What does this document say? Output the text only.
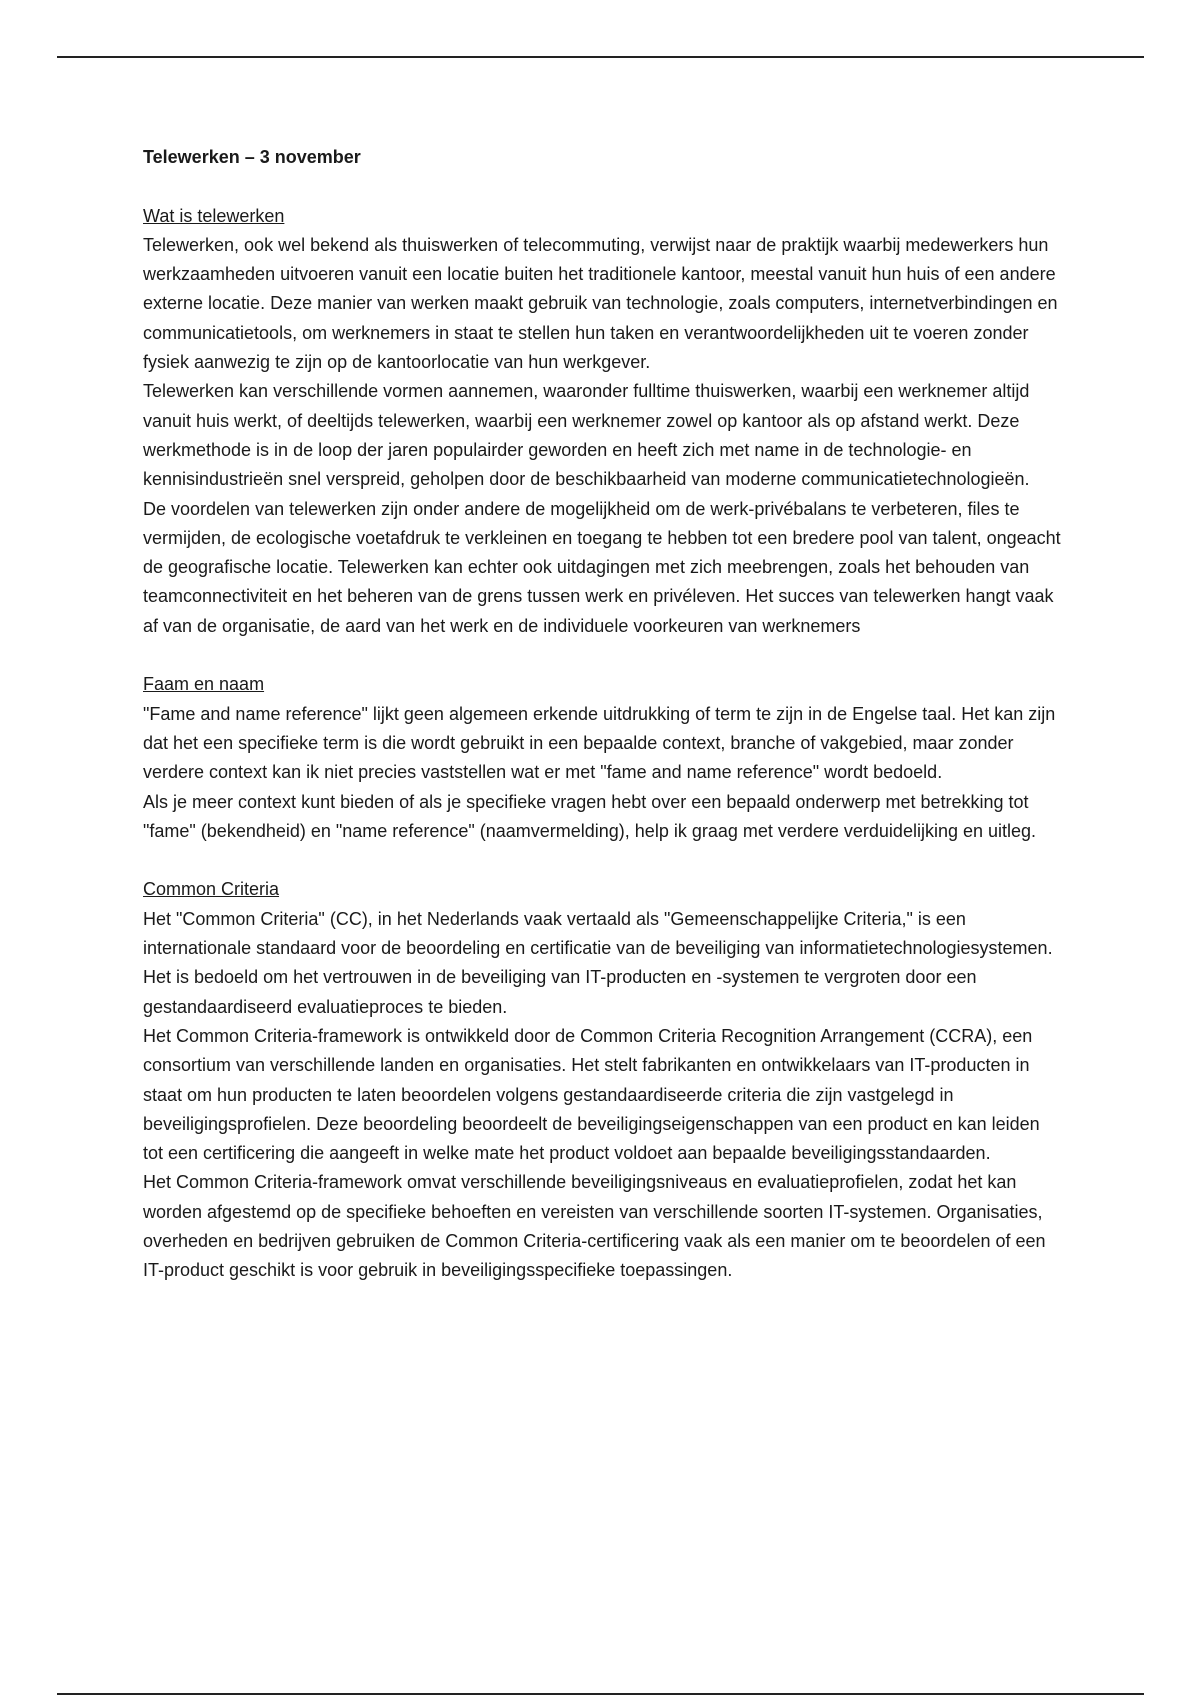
Telewerken – 3 november

Wat is telewerken

Telewerken, ook wel bekend als thuiswerken of telecommuting, verwijst naar de praktijk waarbij medewerkers hun werkzaamheden uitvoeren vanuit een locatie buiten het traditionele kantoor, meestal vanuit hun huis of een andere externe locatie. Deze manier van werken maakt gebruik van technologie, zoals computers, internetverbindingen en communicatietools, om werknemers in staat te stellen hun taken en verantwoordelijkheden uit te voeren zonder fysiek aanwezig te zijn op de kantoorlocatie van hun werkgever.

Telewerken kan verschillende vormen aannemen, waaronder fulltime thuiswerken, waarbij een werknemer altijd vanuit huis werkt, of deeltijds telewerken, waarbij een werknemer zowel op kantoor als op afstand werkt. Deze werkmethode is in de loop der jaren populairder geworden en heeft zich met name in de technologie- en kennisindustrieën snel verspreid, geholpen door de beschikbaarheid van moderne communicatietechnologieën.

De voordelen van telewerken zijn onder andere de mogelijkheid om de werk-privébalans te verbeteren, files te vermijden, de ecologische voetafdruk te verkleinen en toegang te hebben tot een bredere pool van talent, ongeacht de geografische locatie. Telewerken kan echter ook uitdagingen met zich meebrengen, zoals het behouden van teamconnectiviteit en het beheren van de grens tussen werk en privéleven. Het succes van telewerken hangt vaak af van de organisatie, de aard van het werk en de individuele voorkeuren van werknemers

Faam en naam

"Fame and name reference" lijkt geen algemeen erkende uitdrukking of term te zijn in de Engelse taal. Het kan zijn dat het een specifieke term is die wordt gebruikt in een bepaalde context, branche of vakgebied, maar zonder verdere context kan ik niet precies vaststellen wat er met "fame and name reference" wordt bedoeld.

Als je meer context kunt bieden of als je specifieke vragen hebt over een bepaald onderwerp met betrekking tot "fame" (bekendheid) en "name reference" (naamvermelding), help ik graag met verdere verduidelijking en uitleg.

Common Criteria

Het "Common Criteria" (CC), in het Nederlands vaak vertaald als "Gemeenschappelijke Criteria," is een internationale standaard voor de beoordeling en certificatie van de beveiliging van informatietechnologiesystemen. Het is bedoeld om het vertrouwen in de beveiliging van IT-producten en -systemen te vergroten door een gestandaardiseerd evaluatieproces te bieden.

Het Common Criteria-framework is ontwikkeld door de Common Criteria Recognition Arrangement (CCRA), een consortium van verschillende landen en organisaties. Het stelt fabrikanten en ontwikkelaars van IT-producten in staat om hun producten te laten beoordelen volgens gestandaardiseerde criteria die zijn vastgelegd in beveiligingsprofielen. Deze beoordeling beoordeelt de beveiligingseigenschappen van een product en kan leiden tot een certificering die aangeeft in welke mate het product voldoet aan bepaalde beveiligingsstandaarden.

Het Common Criteria-framework omvat verschillende beveiligingsniveaus en evaluatieprofielen, zodat het kan worden afgestemd op de specifieke behoeften en vereisten van verschillende soorten IT-systemen. Organisaties, overheden en bedrijven gebruiken de Common Criteria-certificering vaak als een manier om te beoordelen of een IT-product geschikt is voor gebruik in beveiligingsspecifieke toepassingen.
